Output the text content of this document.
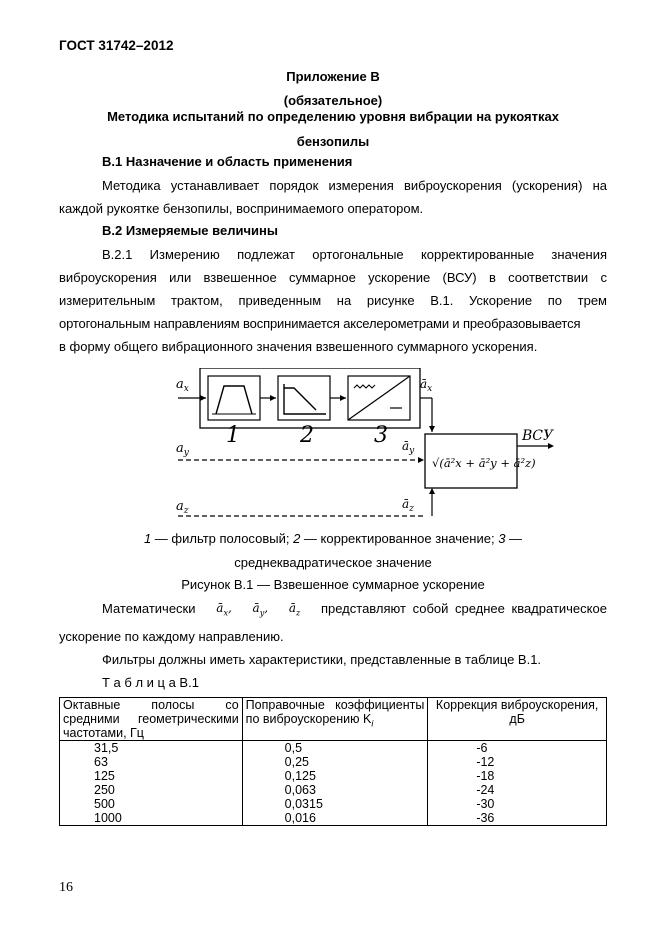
ГОСТ 31742–2012
Приложение В
(обязательное)
Методика испытаний по определению уровня вибрации на рукоятках
бензопилы
В.1 Назначение и область применения
Методика устанавливает порядок измерения виброускорения (ускорения) на
каждой рукоятке бензопилы, воспринимаемого оператором.
В.2 Измеряемые величины
В.2.1 Измерению подлежат ортогональные корректированные значения
виброускорения или взвешенное суммарное ускорение (ВСУ) в соответствии с
измерительным трактом, приведенным на рисунке В.1. Ускорение по трем
ортогональным направлениям воспринимается акселерометрами и преобразовывается
в форму общего вибрационного значения взвешенного суммарного ускорения.
$a_x$
$a_y$
$a_z$
$ā_x$
$ā_y$
$ā_z$
1	2	3
√(ā²x + ā²y + ā²z)
ВСУ
1 — фильтр полосовый; 2 — корректированное значение; 3 —
среднеквадратическое значение
Рисунок В.1 — Взвешенное суммарное ускорение
Математически $ā_x$, $ā_y$, $ā_z$ представляют собой среднее квадратическое
ускорение по каждому направлению.
Фильтры должны иметь характеристики, представленные в таблице В.1.
Т а б л и ц а В.1
Октавные полосы со средними геометрическими частотами, Гц	Поправочные коэффициенты по виброускорению $K_i$	Коррекция виброускорения, дБ
31,5	0,5	-6
63	0,25	-12
125	0,125	-18
250	0,063	-24
500	0,0315	-30
1000	0,016	-36
16
